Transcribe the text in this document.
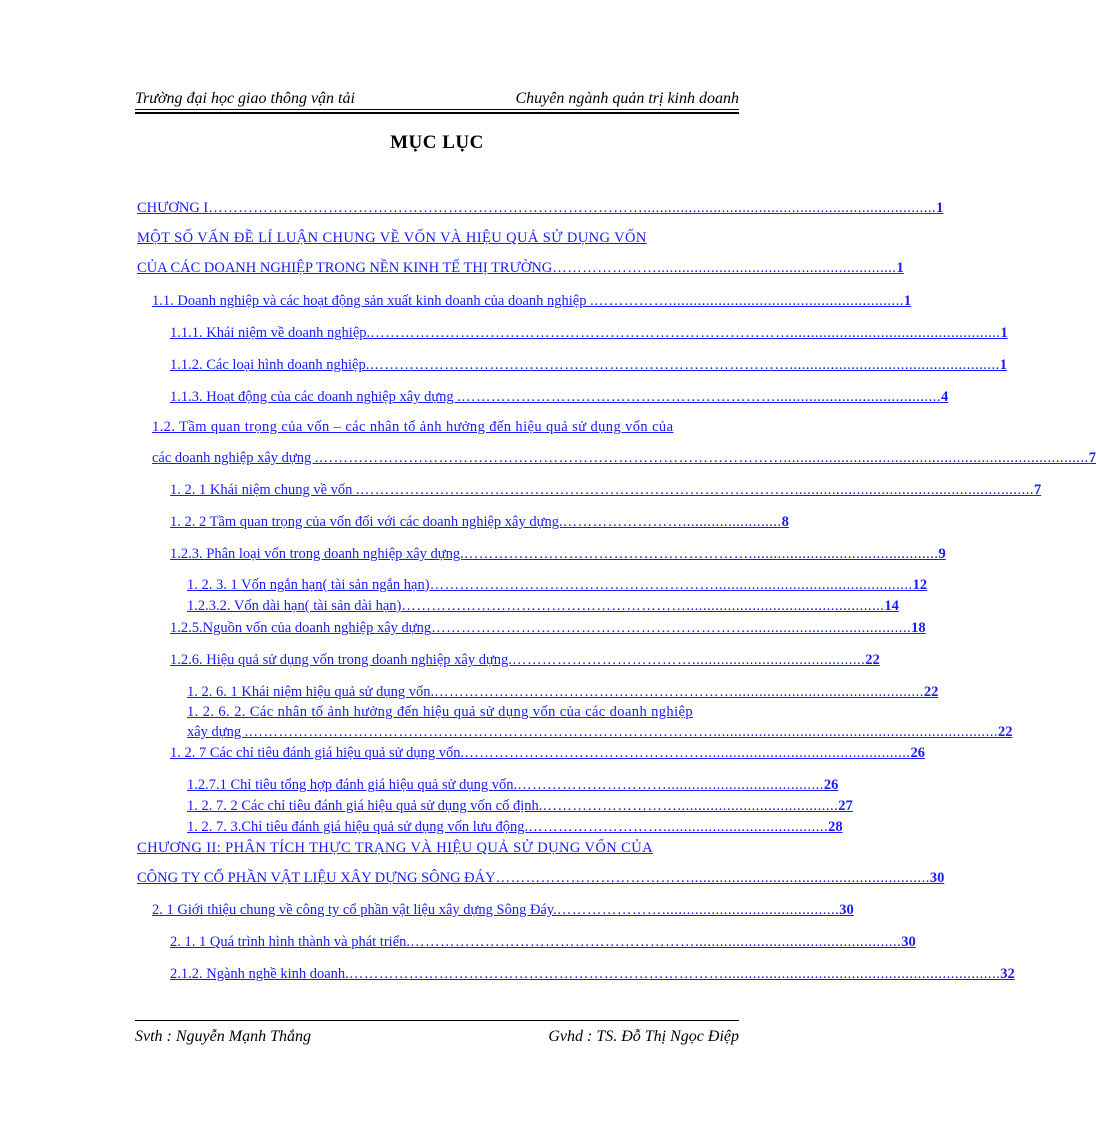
Trường đại học giao thông vận tải	Chuyên ngành quản trị kinh doanh
MỤC LỤC
CHƯƠNG I ……………………………………………………………………………....................................................................... 1
MỘT SỐ VẤN ĐỀ LÍ LUẬN CHUNG VỀ VỐN VÀ HIỆU QUẢ SỬ DỤNG VỐN
CỦA CÁC DOANH NGHIỆP TRONG NỀN KINH TẾ THỊ TRƯỜNG ………………….......................................................... 1
1.1. Doanh nghiệp và các hoạt động sản xuất kinh doanh của doanh nghiệp . ……………......................................................... 1
1.1.1. Khái niệm về doanh nghiệp. …………………………………………………………………………................................................... 1
1.1.2. Các loại hình doanh nghiệp. …………………………………………………………………………................................................... 1
1.1.3. Hoạt động của các doanh nghiệp xây dựng . ………………………………………………………........................................ 4
1.2. Tầm quan trọng của vốn – các nhân tố ảnh hưởng đến hiệu quả sử dụng vốn của
các doanh nghiệp xây dựng . ………………………………………………………………………………….......................................................................... 7
1. 2. 1 Khái niệm chung về vốn . …………………………………………………………………………….......................................................... 7
1. 2. 2 Tầm quan trọng của vốn đối với các doanh nghiệp xây dựng. ……………………........................ 8
1.2.3. Phân loại vốn trong doanh nghiệp xây dựng. ………………………………………………….............................................. 9
1. 2. 3. 1 Vốn ngắn hạn( tài sản ngắn hạn) …………………………………………………................................................ 12
1.2.3.2. Vốn dài hạn( tài sản dài hạn) …………………………………………………................................................ 14
1.2.5.Nguồn vốn của doanh nghiệp xây dựng ………………………………………………………........................................ 18
1.2.6. Hiệu quả sử dụng vốn trong doanh nghiệp xây dựng. ……………………………….......................................... 22
1. 2. 6. 1 Khái niệm hiệu quả sử dụng vốn. …………………………………………………….............................................. 22
1. 2. 6. 2. Các nhân tố ảnh hưởng đến hiệu quả sử dụng vốn của các doanh nghiệp
xây dựng . …………………………………………………………………………………..................................................................... 22
1. 2. 7 Các chỉ tiêu đánh giá hiệu quả sử dụng vốn. ………………………………………….................................................. 26
1.2.7.1 Chỉ tiêu tổng hợp đánh giá hiệu quả sử dụng vốn. …………………………...................................... 26
1. 2. 7. 2 Các chỉ tiêu đánh giá hiệu quả sử dụng vốn cố định. ………………………....................................... 27
1. 2. 7. 3.Chỉ tiêu đánh giá hiệu quả sử dụng vốn lưu động. ………………………........................................ 28
CHƯƠNG II: PHÂN TÍCH THỰC TRẠNG VÀ HIỆU QUẢ SỬ DỤNG VỐN CỦA
CÔNG TY CỔ PHẦN VẬT LIỆU XÂY DỰNG SÔNG ĐÁY ………………………………….......................................................... 30
2. 1 Giới thiệu chung về công ty cổ phần vật liệu xây dựng Sông Đáy. …………………........................................... 30
2. 1. 1 Quá trình hình thành và phát triển. ………………………………………………….................................................. 30
2.1.2. Ngành nghề kinh doanh. …………………………………………………………………................................................................... 32
Svth : Nguyễn Mạnh Thắng	Gvhd : TS. Đỗ Thị Ngọc Điệp
